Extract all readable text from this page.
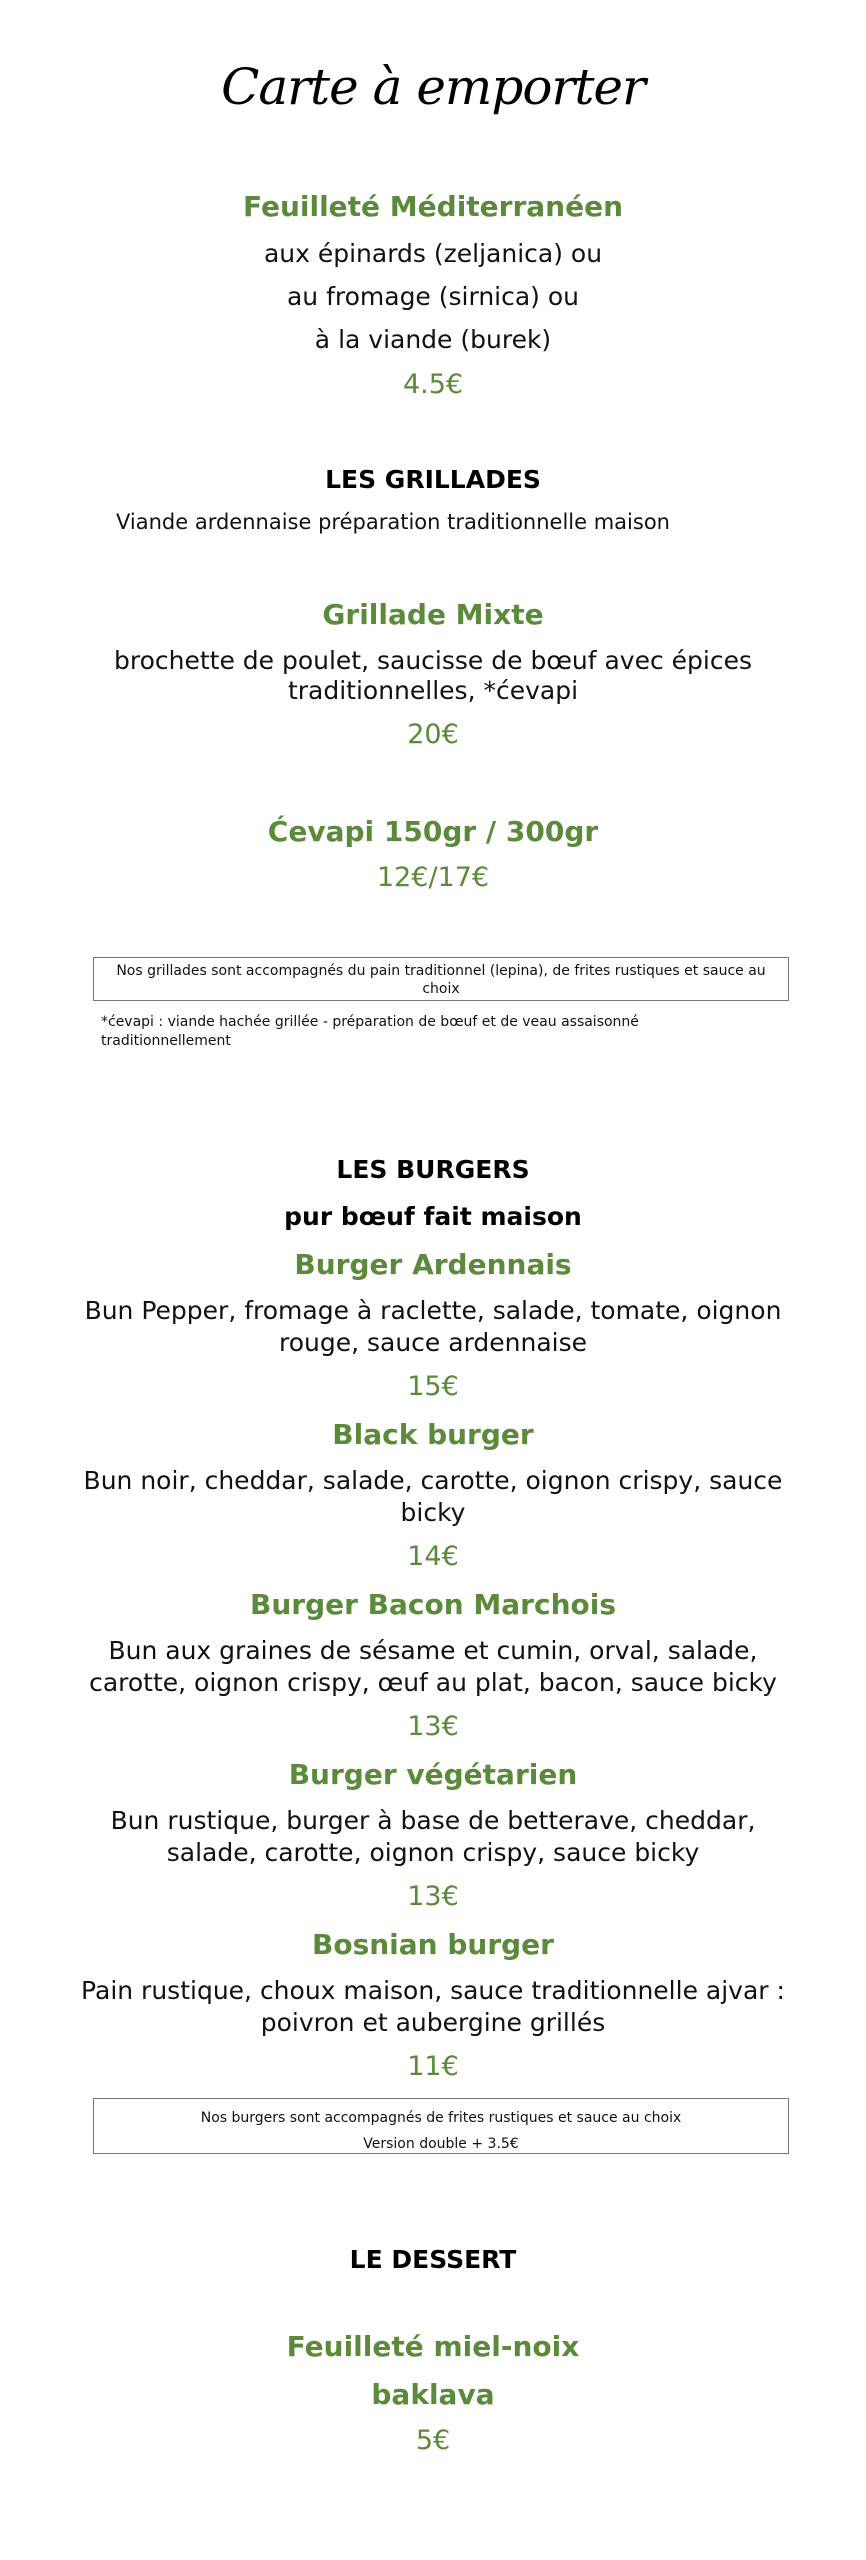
Carte à emporter
Feuilleté Méditerranéen
aux épinards (zeljanica) ou
au fromage (sirnica) ou
à la viande (burek)
4.5€
LES GRILLADES
Viande ardennaise préparation traditionnelle maison
Grillade Mixte
brochette de poulet, saucisse de bœuf avec épices
traditionnelles, *ćevapi
20€
Ćevapi 150gr / 300gr
12€/17€
Nos grillades sont accompagnés du pain traditionnel (lepina), de frites rustiques et sauce au
choix
*ćevapi : viande hachée grillée - préparation de bœuf et de veau assaisonné
traditionnellement
LES BURGERS
pur bœuf fait maison
Burger Ardennais
Bun Pepper, fromage à raclette, salade, tomate, oignon
rouge, sauce ardennaise
15€
Black burger
Bun noir, cheddar, salade, carotte, oignon crispy, sauce
bicky
14€
Burger Bacon Marchois
Bun aux graines de sésame et cumin, orval, salade,
carotte, oignon crispy, œuf au plat, bacon, sauce bicky
13€
Burger végétarien
Bun rustique, burger à base de betterave, cheddar,
salade, carotte, oignon crispy, sauce bicky
13€
Bosnian burger
Pain rustique, choux maison, sauce traditionnelle ajvar :
poivron et aubergine grillés
11€
Nos burgers sont accompagnés de frites rustiques et sauce au choix
Version double + 3.5€
LE DESSERT
Feuilleté miel-noix
baklava
5€
